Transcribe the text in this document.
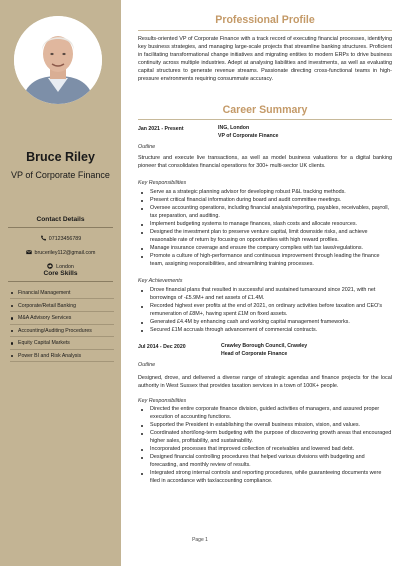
Bruce Riley
VP of Corporate Finance
Contact Details
07123456789
bruceriley112@gmail.com
London
Core Skills
Financial Management
Corporate/Retail Banking
M&A Advisory Services
Accounting/Auditing Procedures
Equity Capital Markets
Power BI and Risk Analysis
Professional Profile
Results-oriented VP of Corporate Finance with a track record of executing financial processes, identifying key business strategies, and managing large-scale projects that streamline banking structures. Proficient in facilitating transformational change initiatives and migrating entities to modern ERPs to drive business continuity across multiple industries. Adept at analysing liabilities and investments, as well as evaluating capital structures to generate revenue streams. Passionate directing cross-functional teams in high-pressure environments requiring consummate accuracy.
Career Summary
Jan 2021 - Present	ING, London
VP of Corporate Finance
Outline
Structure and execute live transactions, as well as model business valuations for a digital banking pioneer that consolidates financial operations for 300+ multi-sector UK clients.
Key Responsibilities
Serve as a strategic planning advisor for developing robust P&L tracking methods.
Present critical financial information during board and audit committee meetings.
Oversee accounting operations, including financial analysis/reporting, payables, receivables, payroll, tax preparation, and auditing.
Implement budgeting systems to manage finances, slash costs and allocate resources.
Designed the investment plan to preserve venture capital, limit downside risks, and achieve reasonable rate of return by focusing on opportunities with high reward profiles.
Manage insurance coverage and ensure the company complies with tax laws/regulations.
Promote a culture of high-performance and continuous improvement through leading the finance team, assigning responsibilities, and streamlining training processes.
Key Achievements
Drove financial plans that resulted in successful and sustained turnaround since 2021, with net borrowings of -£5.9M+ and net assets of £1.4M.
Recorded highest ever profits at the end of 2021, on ordinary activities before taxation and CEO's remuneration of £8M+, having spent £1M on fixed assets.
Generated £4.4M by enhancing cash and working capital management frameworks.
Secured £1M accruals through advancement of commercial contracts.
Jul 2014 - Dec 2020	Crawley Borough Council, Crawley
Head of Corporate Finance
Outline
Designed, drove, and delivered a diverse range of strategic agendas and finance projects for the local authority in West Sussex that provides taxation services in a town of 100K+ people.
Key Responsibilities
Directed the entire corporate finance division, guided activities of managers, and assured proper execution of accounting functions.
Supported the President in establishing the overall business mission, vision, and values.
Coordinated short/long-term budgeting with the purpose of discovering growth areas that encouraged higher sales, profitability, and sustainability.
Incorporated processes that improved collection of receivables and lowered bad debt.
Designed financial controlling procedures that helped various divisions with budgeting and forecasting, and monthly review of results.
Integrated strong internal controls and reporting procedures, while guaranteeing documents were filed in accordance with tax/accounting compliance.
Page 1
